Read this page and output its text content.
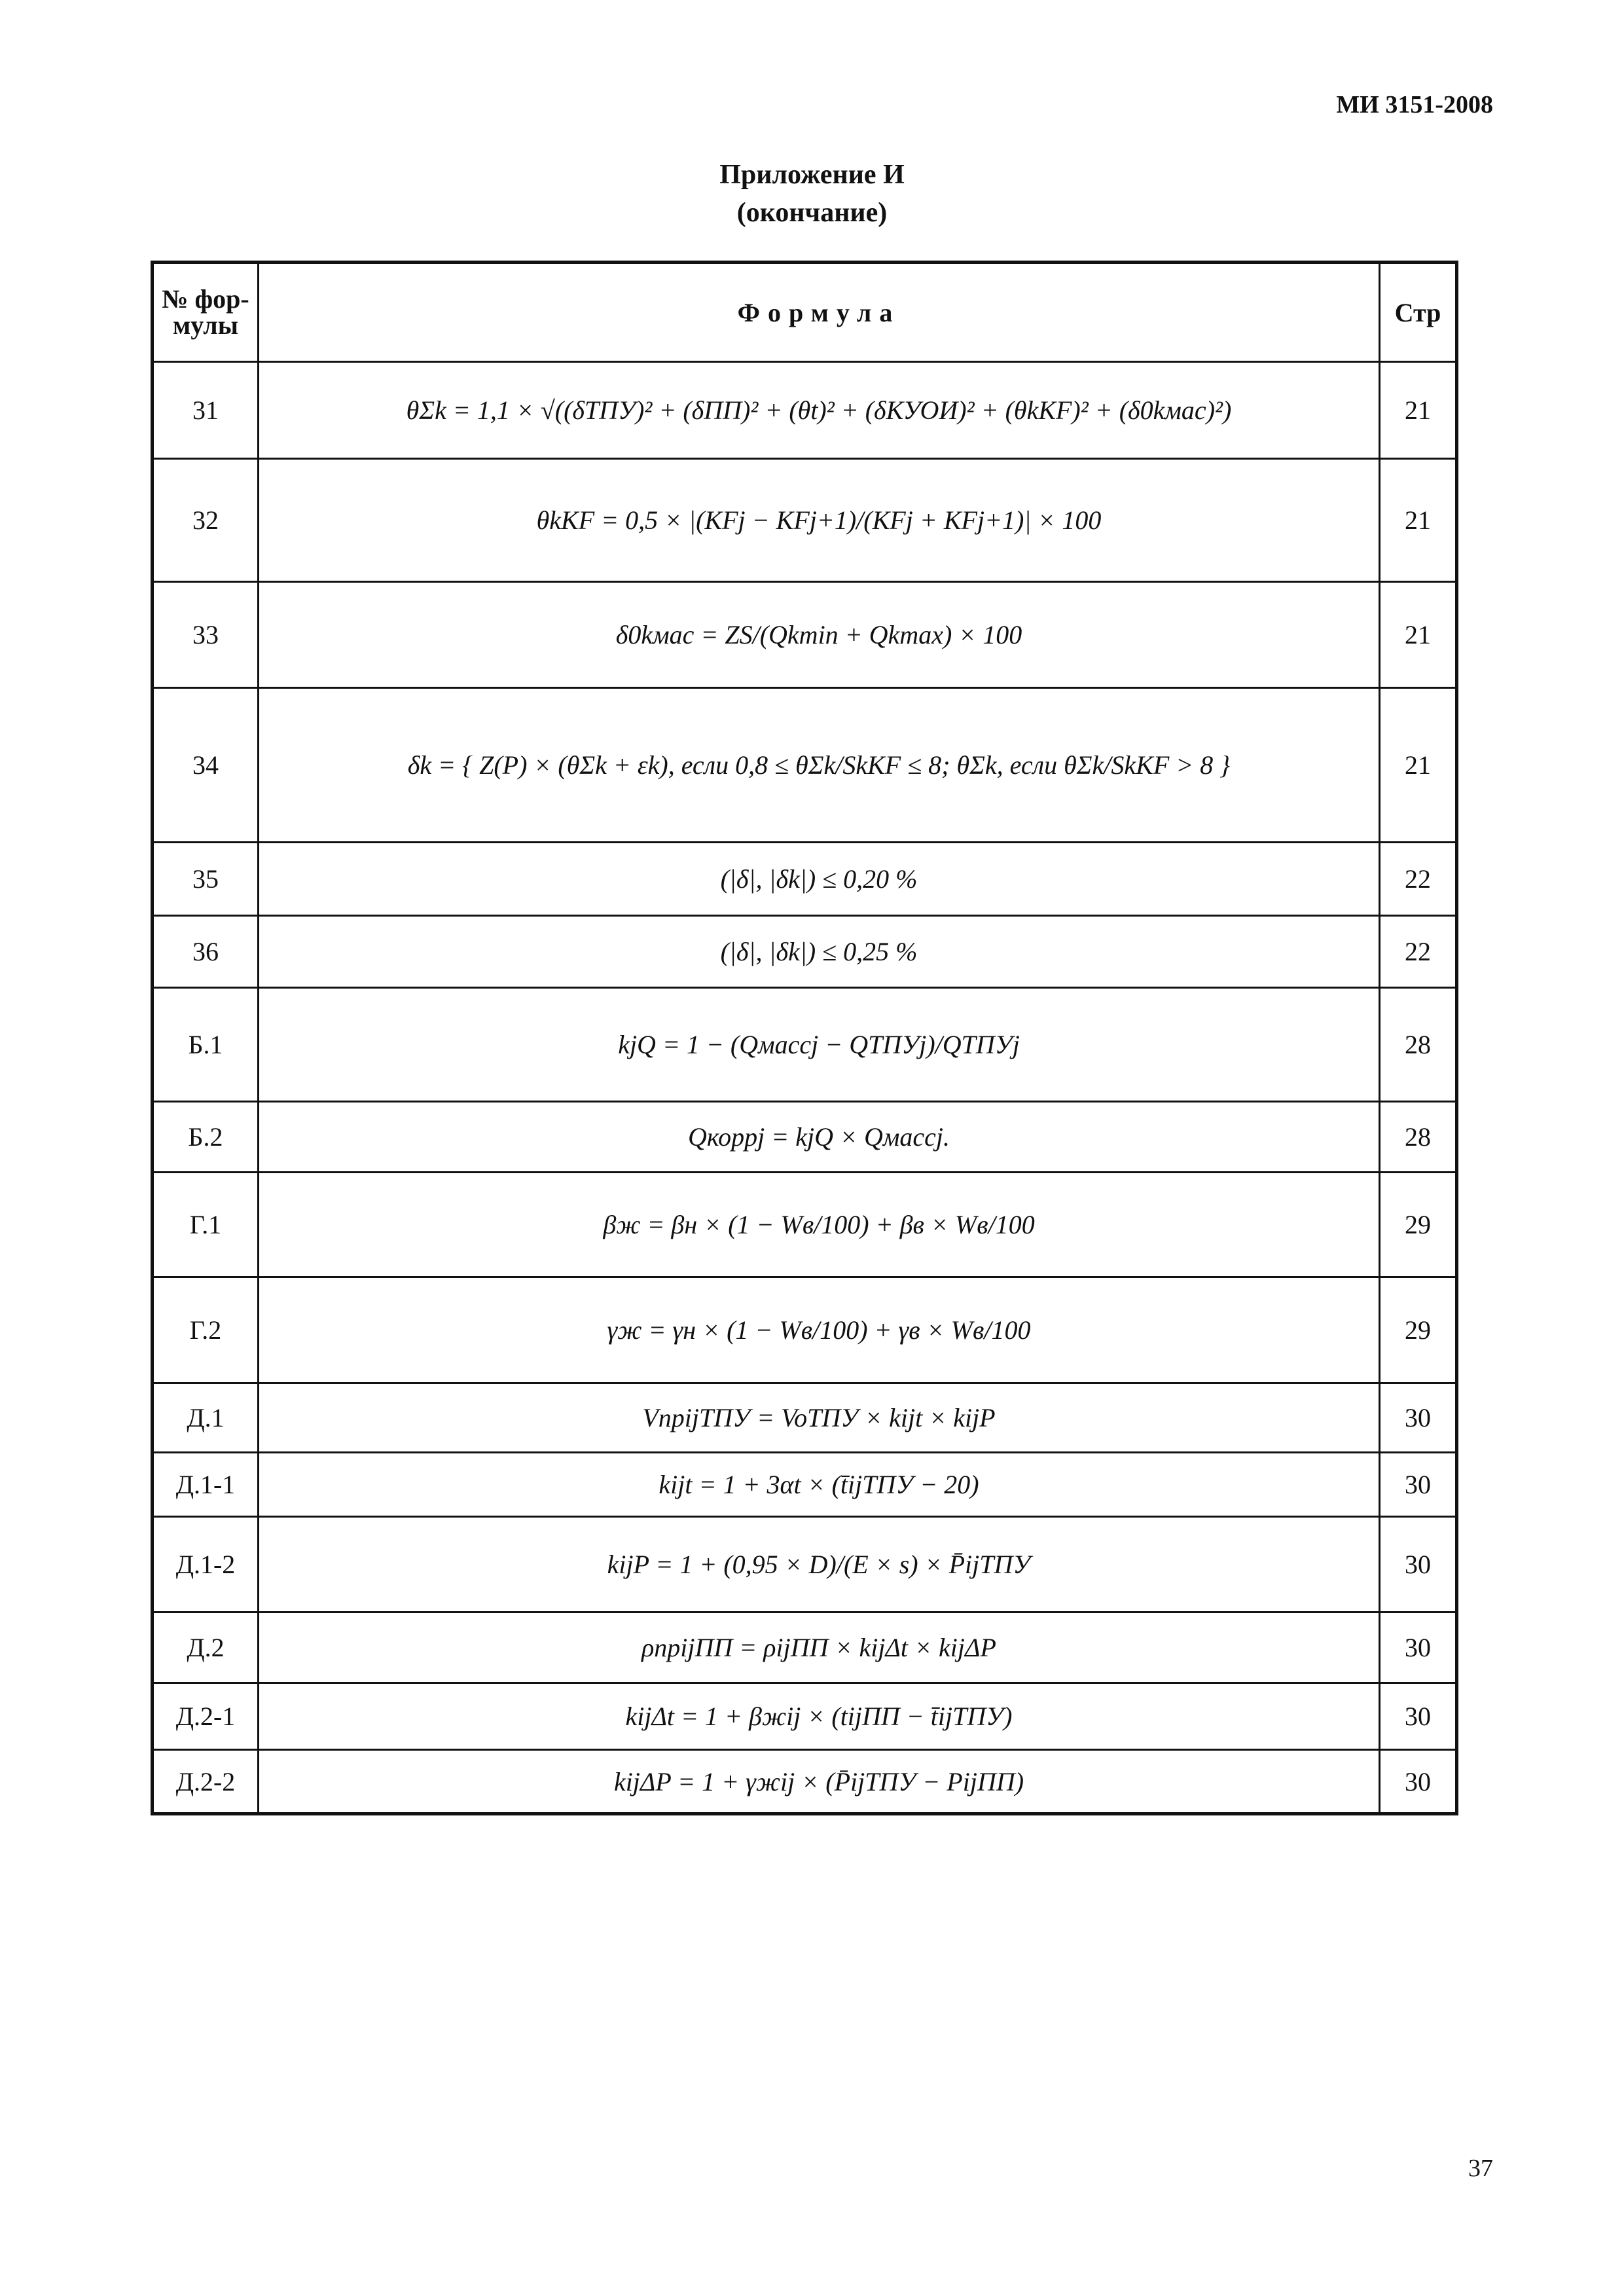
МИ 3151-2008
Приложение И
(окончание)
№ фор- мулы	Формула	Стр
31	θΣk = 1,1 × √((δТПУ)² + (δПП)² + (θt)² + (δКУОИ)² + (θkKF)² + (δ0kмас)²)	21
32	θkKF = 0,5 × |(KFj − KFj+1)/(KFj + KFj+1)| × 100	21
33	δ0kмас = ZS/(Qkmin + Qkmax) × 100	21
34	δk = { Z(P) × (θΣk + εk), если 0,8 ≤ θΣk/SkKF ≤ 8; θΣk, если θΣk/SkKF > 8 }	21
35	(|δ|, |δk|) ≤ 0,20 %	22
36	(|δ|, |δk|) ≤ 0,25 %	22
Б.1	kjQ = 1 − (Qмассj − QТПУj)/QТПУj	28
Б.2	Qкоррj = kjQ × Qмассj.	28
Г.1	βж = βн × (1 − Wв/100) + βв × Wв/100	29
Г.2	γж = γн × (1 − Wв/100) + γв × Wв/100	29
Д.1	VпрijТПУ = VoТПУ × kijt × kijP	30
Д.1-1	kijt = 1 + 3αt × (t̄ijТПУ − 20)	30
Д.1-2	kijP = 1 + (0,95 × D)/(E × s) × P̄ijТПУ	30
Д.2	ρпрijПП = ρijПП × kijΔt × kijΔP	30
Д.2-1	kijΔt = 1 + βжij × (tijПП − t̄ijТПУ)	30
Д.2-2	kijΔP = 1 + γжij × (P̄ijТПУ − PijПП)	30
37
